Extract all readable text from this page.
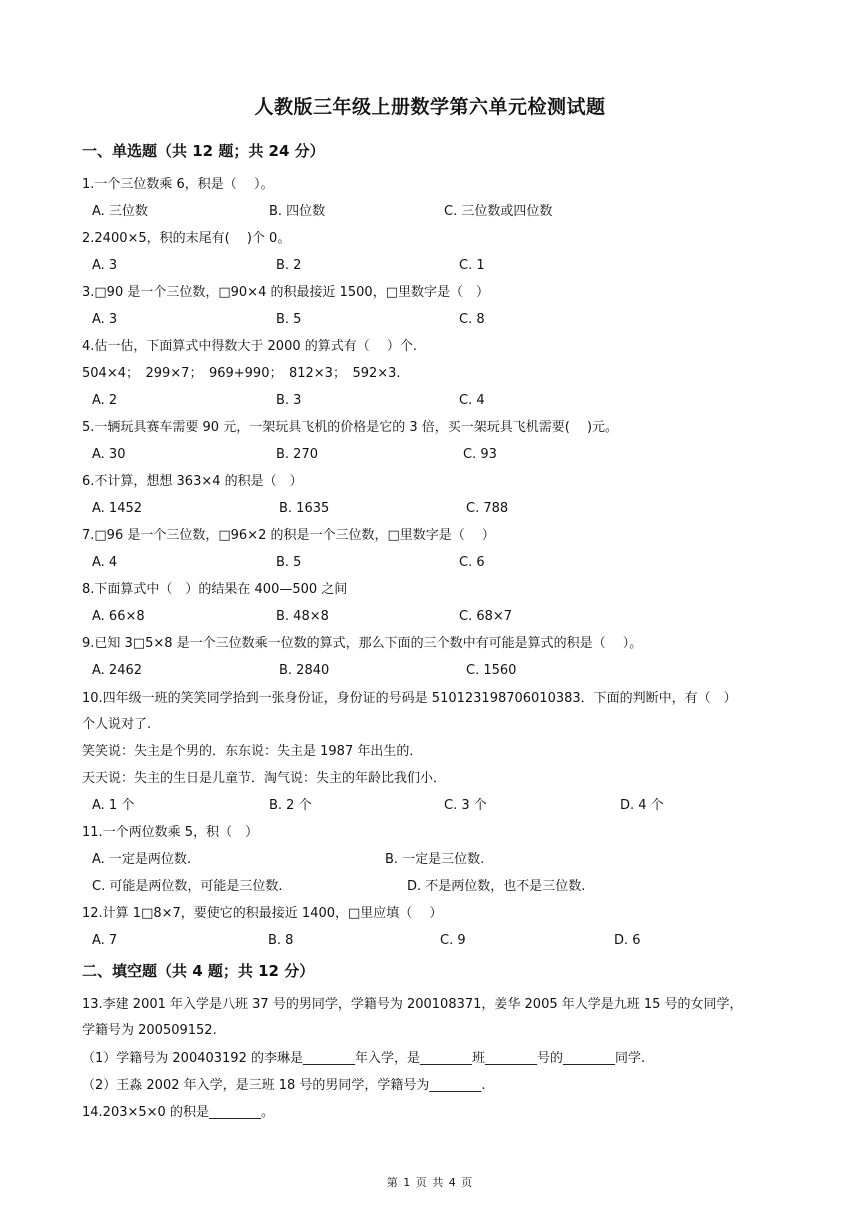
人教版三年级上册数学第六单元检测试题
一、单选题（共 12 题；共 24 分）
1.一个三位数乘 6，积是（　 ）。
A. 三位数	B. 四位数	C. 三位数或四位数
2.2400×5，积的末尾有(　 )个 0。
A. 3	B. 2	C. 1
3.□90 是一个三位数，□90×4 的积最接近 1500，□里数字是（　）
A. 3	B. 5	C. 8
4.估一估，下面算式中得数大于 2000 的算式有（　 ）个.
504×4；　299×7；　969+990；　812×3；　592×3.
A. 2	B. 3	C. 4
5.一辆玩具赛车需要 90 元，一架玩具飞机的价格是它的 3 倍，买一架玩具飞机需要(　 )元。
A. 30	B. 270	C. 93
6.不计算，想想 363×4 的积是（　）
A. 1452	B. 1635	C. 788
7.□96 是一个三位数，□96×2 的积是一个三位数，□里数字是（　 ）
A. 4	B. 5	C. 6
8.下面算式中（　）的结果在 400—500 之间
A. 66×8	B. 48×8	C. 68×7
9.已知 3□5×8 是一个三位数乘一位数的算式，那么下面的三个数中有可能是算式的积是（　 ）。
A. 2462	B. 2840	C. 1560
10.四年级一班的笑笑同学拾到一张身份证，身份证的号码是 510123198706010383．下面的判断中，有（　）
个人说对了.
笑笑说：失主是个男的．东东说：失主是 1987 年出生的．
天天说：失主的生日是儿童节．淘气说：失主的年龄比我们小．
A. 1 个	B. 2 个	C. 3 个	D. 4 个
11.一个两位数乘 5，积（　）
A. 一定是两位数.	B. 一定是三位数.
C. 可能是两位数，可能是三位数.	D. 不是两位数，也不是三位数.
12.计算 1□8×7，要使它的积最接近 1400，□里应填（　 ）
A. 7	B. 8	C. 9	D. 6
二、填空题（共 4 题；共 12 分）
13.李建 2001 年入学是八班 37 号的男同学，学籍号为 200108371，姜华 2005 年人学是九班 15 号的女同学，
学籍号为 200509152.
（1）学籍号为 200403192 的李琳是________年入学，是________班________号的________同学.
（2）王淼 2002 年入学，是三班 18 号的男同学，学籍号为________.
14.203×5×0 的积是________。
第 1 页 共 4 页
